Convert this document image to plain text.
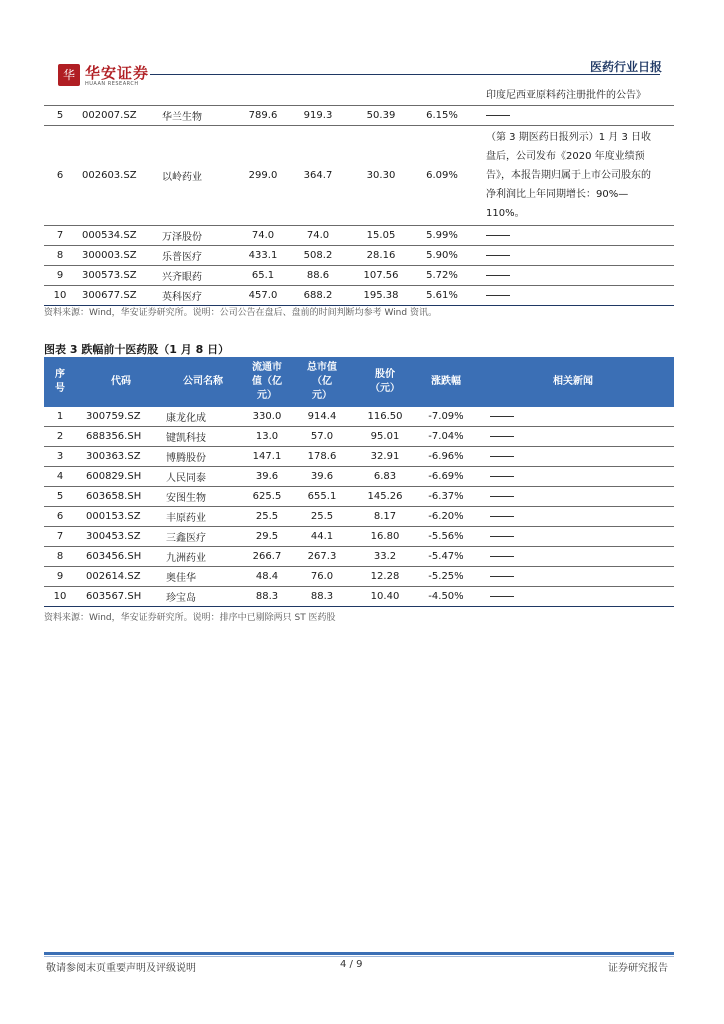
华 华安证券
HUAAN RESEARCH
医药行业日报
							印度尼西亚原料药注册批件的公告》
5	002007.SZ	华兰生物	789.6	919.3	50.39	6.15%	
6	002603.SZ	以岭药业	299.0	364.7	30.30	6.09%	（第 3 期医药日报列示）1 月 3 日收
盘后，公司发布《2020 年度业绩预
告》，本报告期归属于上市公司股东的
净利润比上年同期增长：90%—
110%。

7	000534.SZ	万泽股份	74.0	74.0	15.05	5.99%	
8	300003.SZ	乐普医疗	433.1	508.2	28.16	5.90%	
9	300573.SZ	兴齐眼药	65.1	88.6	107.56	5.72%	
10	300677.SZ	英科医疗	457.0	688.2	195.38	5.61%	
资料来源：Wind，华安证券研究所。说明：公司公告在盘后、盘前的时间判断均参考 Wind 资讯。
图表 3 跌幅前十医药股（1 月 8 日）
序
号	代码	公司名称	流通市
值（亿
元）	总市值
（亿
元）	股价
（元）	涨跌幅	相关新闻
1	300759.SZ	康龙化成	330.0	914.4	116.50	-7.09%	
2	688356.SH	键凯科技	13.0	57.0	95.01	-7.04%	
3	300363.SZ	博腾股份	147.1	178.6	32.91	-6.96%	
4	600829.SH	人民同泰	39.6	39.6	6.83	-6.69%	
5	603658.SH	安图生物	625.5	655.1	145.26	-6.37%	
6	000153.SZ	丰原药业	25.5	25.5	8.17	-6.20%	
7	300453.SZ	三鑫医疗	29.5	44.1	16.80	-5.56%	
8	603456.SH	九洲药业	266.7	267.3	33.2	-5.47%	
9	002614.SZ	奥佳华	48.4	76.0	12.28	-5.25%	
10	603567.SH	珍宝岛	88.3	88.3	10.40	-4.50%	
资料来源：Wind，华安证券研究所。说明：排序中已剔除两只 ST 医药股
敬请参阅末页重要声明及评级说明	4 / 9	证券研究报告
